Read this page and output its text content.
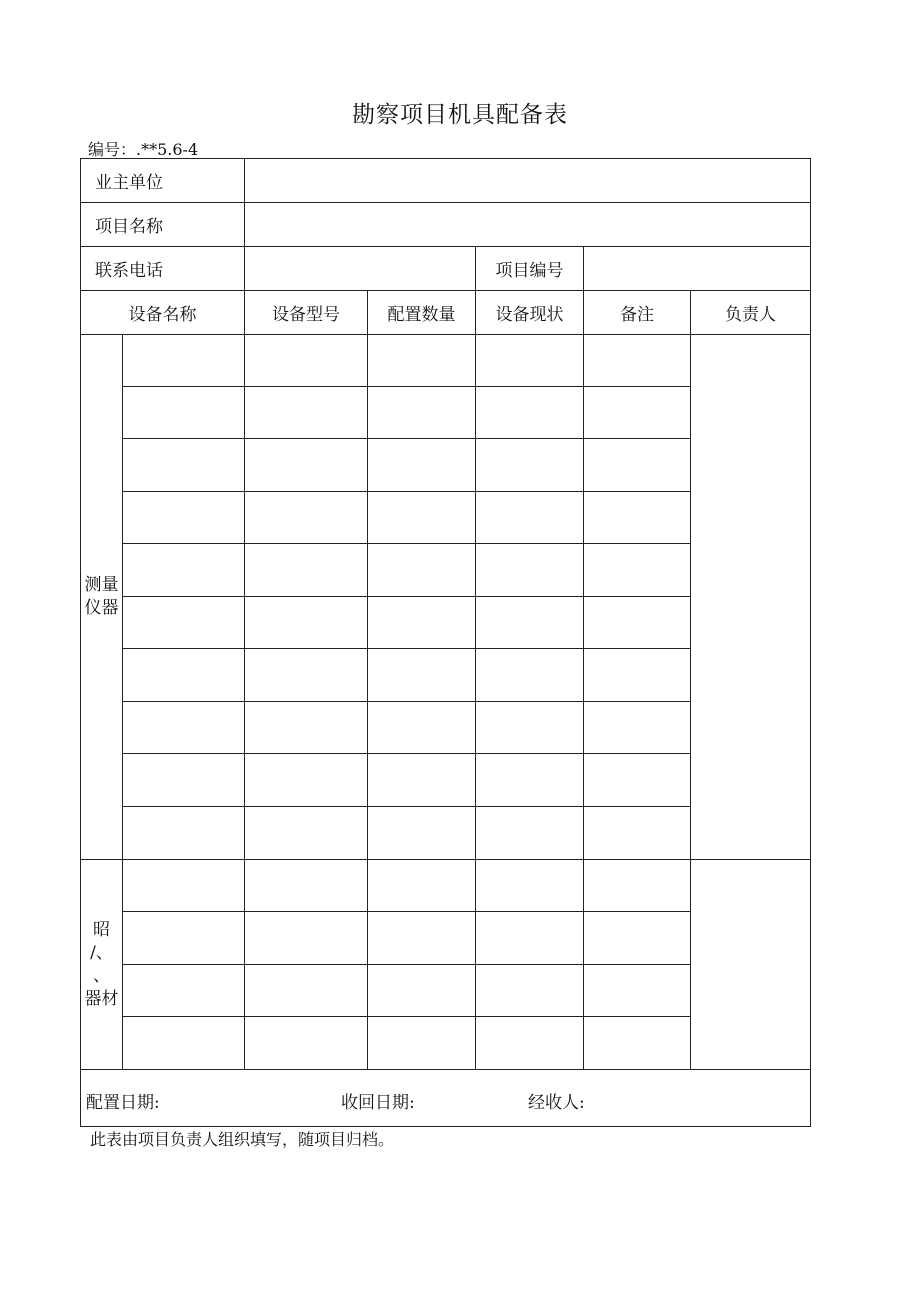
勘察项目机具配备表
编号：.**5.6-4
业主单位						
项目名称						
联系电话				项目编号		
设备名称		设备型号	配置数量	设备现状	备注	负责人
测量
仪器						

昭
/、
、
器材						

配置日期: 收回日期: 经收人:						
此表由项目负责人组织填写，随项目归档。
